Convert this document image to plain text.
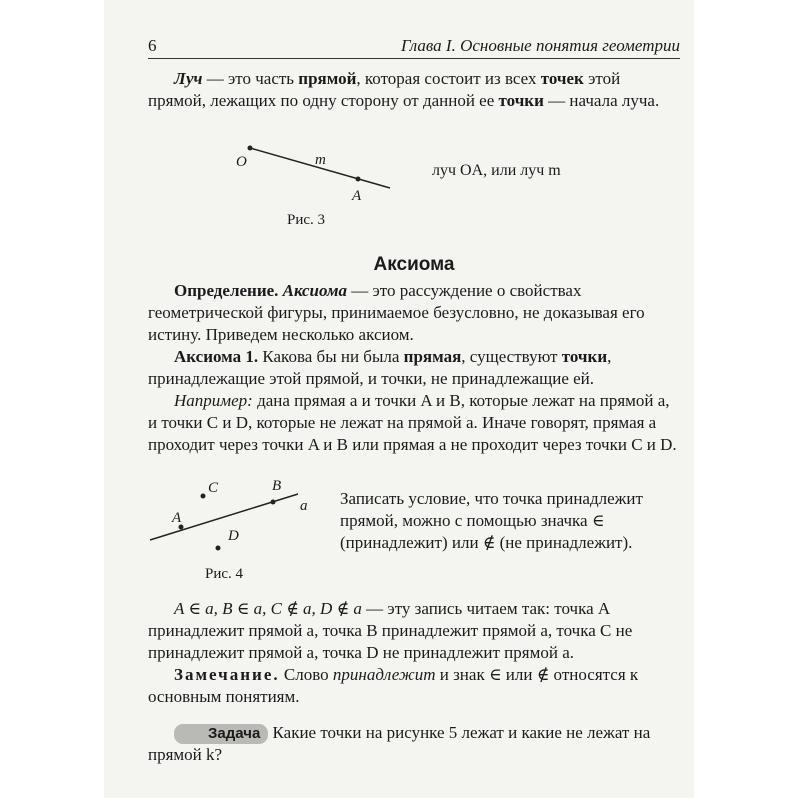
6	Глава I. Основные понятия геометрии
Луч — это часть прямой, которая состоит из всех точек этой прямой, лежащих по одну сторону от данной ее точки — начала луча.
O
A
m
луч OA, или луч m
Рис. 3
Аксиома
Определение. Аксиома — это рассуждение о свойствах геометрической фигуры, принимаемое безусловно, не доказывая его истину. Приведем несколько аксиом.
Аксиома 1. Какова бы ни была прямая, существуют точки, принадлежащие этой прямой, и точки, не принадлежащие ей.
Например: дана прямая a и точки A и B, которые лежат на прямой a, и точки C и D, которые не лежат на прямой a. Иначе говорят, прямая a проходит через точки A и B или прямая a не проходит через точки C и D.
C	B
a
A
D
Рис. 4
Записать условие, что точка принадлежит прямой, можно с помощью значка ∈ (принадлежит) или ∉ (не принадлежит).
A ∈ a, B ∈ a, C ∉ a, D ∉ a — эту запись читаем так: точка A принадлежит прямой a, точка B принадлежит прямой a, точка C не принадлежит прямой a, точка D не принадлежит прямой a.
Замечание. Слово принадлежит и знак ∈ или ∉ относятся к основным понятиям.
Задача Какие точки на рисунке 5 лежат и какие не лежат на прямой k?
